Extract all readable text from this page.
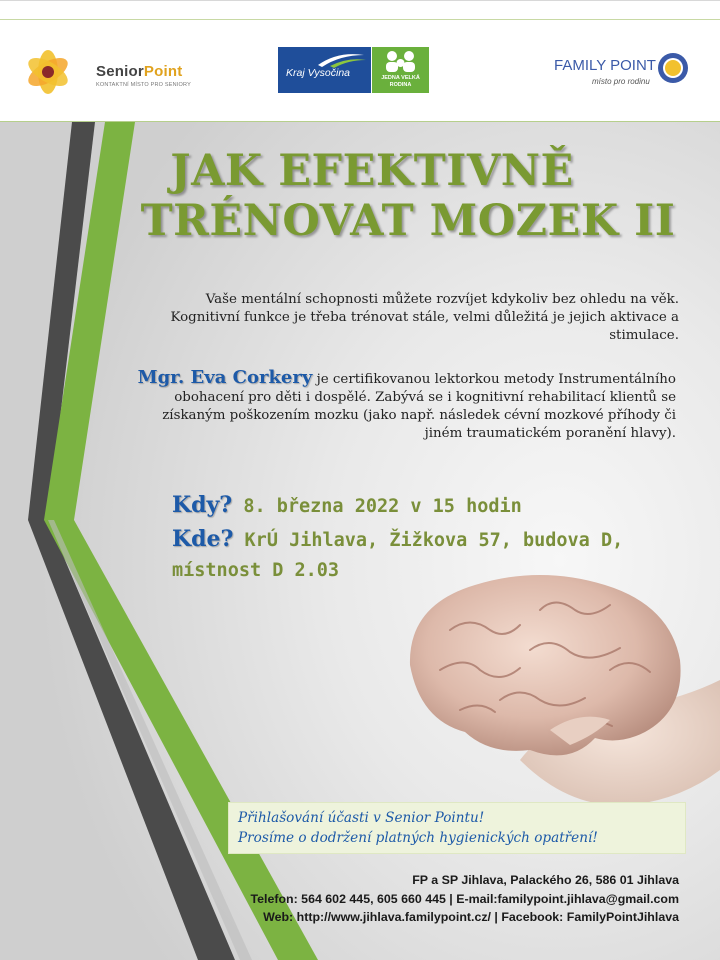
SeniorPoint
KONTAKTNÍ MÍSTO PRO SENIORY
Kraj Vysočina	JEDNA VELKÁ
RODINA
FAMILY POINT
místo pro rodinu
JAK EFEKTIVNĚ
TRÉNOVAT MOZEK II
Vaše mentální schopnosti můžete rozvíjet kdykoliv bez ohledu na věk. Kognitivní funkce je třeba trénovat stále, velmi důležitá je jejich aktivace a stimulace.
Mgr. Eva Corkery je certifikovanou lektorkou metody Instrumentálního obohacení pro děti i dospělé. Zabývá se i kognitivní rehabilitací klientů se získaným poškozením mozku (jako např. následek cévní mozkové příhody či jiném traumatickém poranění hlavy).
Kdy? 8. března 2022 v 15 hodin
Kde? KrÚ Jihlava, Žižkova 57, budova D,
místnost D 2.03
Přihlašování účasti v Senior Pointu!
Prosíme o dodržení platných hygienických opatření!
FP a SP Jihlava, Palackého 26, 586 01 Jihlava
Telefon: 564 602 445, 605 660 445 | E-mail:familypoint.jihlava@gmail.com
Web: http://www.jihlava.familypoint.cz/ | Facebook: FamilyPointJihlava
